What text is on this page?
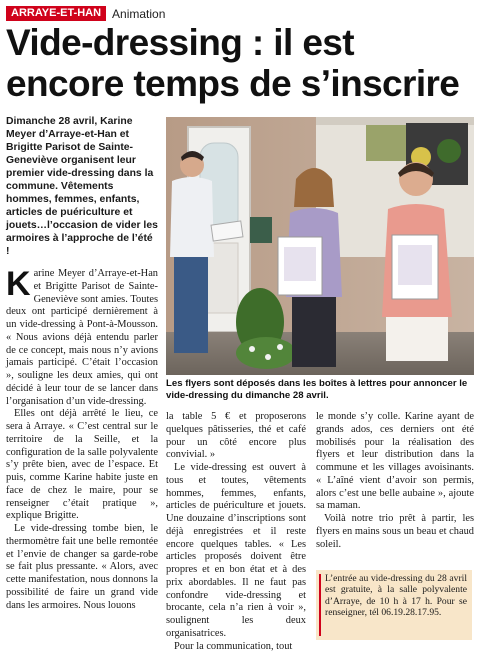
ARRAYE-ET-HAN Animation
Vide-dressing : il est encore temps de s’inscrire

Dimanche 28 avril, Karine Meyer d’Arraye-et-Han et Brigitte Parisot de Sainte-Geneviève organisent leur premier vide-dressing dans la commune. Vêtements hommes, femmes, enfants, articles de puériculture et jouets…l’occasion de vider les armoires à l’approche de l’été !

Karine Meyer d’Arraye-et-Han et Brigitte Parisot de Sainte-Geneviève sont amies. Toutes deux ont participé dernièrement à un vide-dressing à Pont-à-Mousson. « Nous avions déjà entendu parler de ce concept, mais nous n’y avions jamais participé. C’était l’occasion », souligne les deux amies, qui ont décidé à leur tour de se lancer dans l’organisation d’un vide-dressing.

Elles ont déjà arrêté le lieu, ce sera à Arraye. « C’est central sur le territoire de la Seille, et la configuration de la salle polyvalente s’y prête bien, avec de l’espace. Et puis, comme Karine habite juste en face de chez le maire, pour se renseigner c’était pratique », explique Brigitte.

Le vide-dressing tombe bien, le thermomètre fait une belle remontée et l’envie de changer sa garde-robe se fait plus pressante. « Alors, avec cette manifestation, nous donnons la possibilité de faire un grand vide dans les armoires. Nous louons

Les flyers sont déposés dans les boîtes à lettres pour annoncer le vide-dressing du dimanche 28 avril.

la table 5 € et proposerons quelques pâtisseries, thé et café pour un côté encore plus convivial. »

Le vide-dressing est ouvert à tous et toutes, vêtements hommes, femmes, enfants, articles de puériculture et jouets. Une douzaine d’inscriptions sont déjà enregistrées et il reste encore quelques tables. « Les articles proposés doivent être propres et en bon état et à des prix abordables. Il ne faut pas confondre vide-dressing et brocante, cela n’a rien à voir », soulignent les deux organisatrices.

Pour la communication, tout

le monde s’y colle. Karine ayant de grands ados, ces derniers ont été mobilisés pour la réalisation des flyers et leur distribution dans la commune et les villages avoisinants. « L’aîné vient d’avoir son permis, alors c’est une belle aubaine », ajoute sa maman.

Voilà notre trio prêt à partir, les flyers en mains sous un beau et chaud soleil.

L’entrée au vide-dressing du 28 avril est gratuite, à la salle polyvalente d’Arraye, de 10 h à 17 h. Pour se renseigner, tél 06.19.28.17.95.
